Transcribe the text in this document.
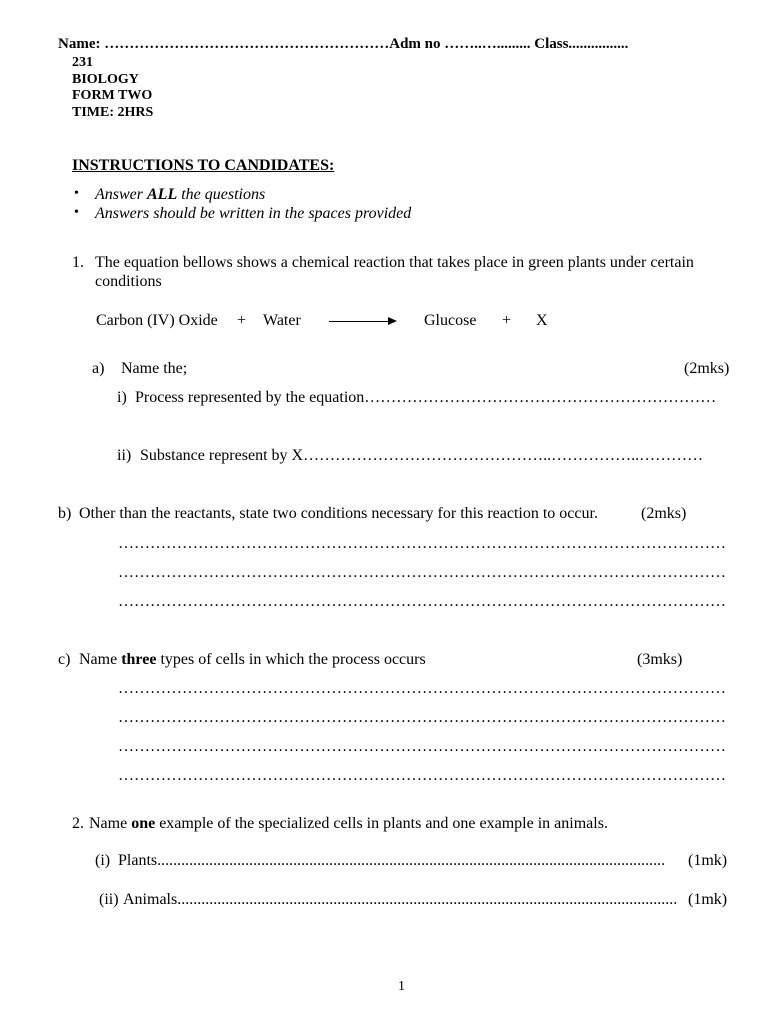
Name: …………………………………………………Adm no ……..…......... Class................
231
BIOLOGY
FORM TWO
TIME: 2HRS
INSTRUCTIONS TO CANDIDATES:
• Answer ALL the questions
• Answers should be written in the spaces provided
1. The equation bellows shows a chemical reaction that takes place in green plants under certain
conditions
Carbon (IV) Oxide + Water	Glucose + X
a) Name the;	(2mks)
i) Process represented by the equation…………………………………………………………
ii) Substance represent by X………………………………………..……………..…………
b) Other than the reactants, state two conditions necessary for this reaction to occur.	(2mks)
……………………………………………………………………………………………………
……………………………………………………………………………………………………
……………………………………………………………………………………………………
c) Name three types of cells in which the process occurs	(3mks)
……………………………………………………………………………………………………
……………………………………………………………………………………………………
……………………………………………………………………………………………………
……………………………………………………………………………………………………
2. Name one example of the specialized cells in plants and one example in animals.
(i) Plants...............................................................................................................................	(1mk)
(ii) Animals............................................................................................................................. (1mk)
1
